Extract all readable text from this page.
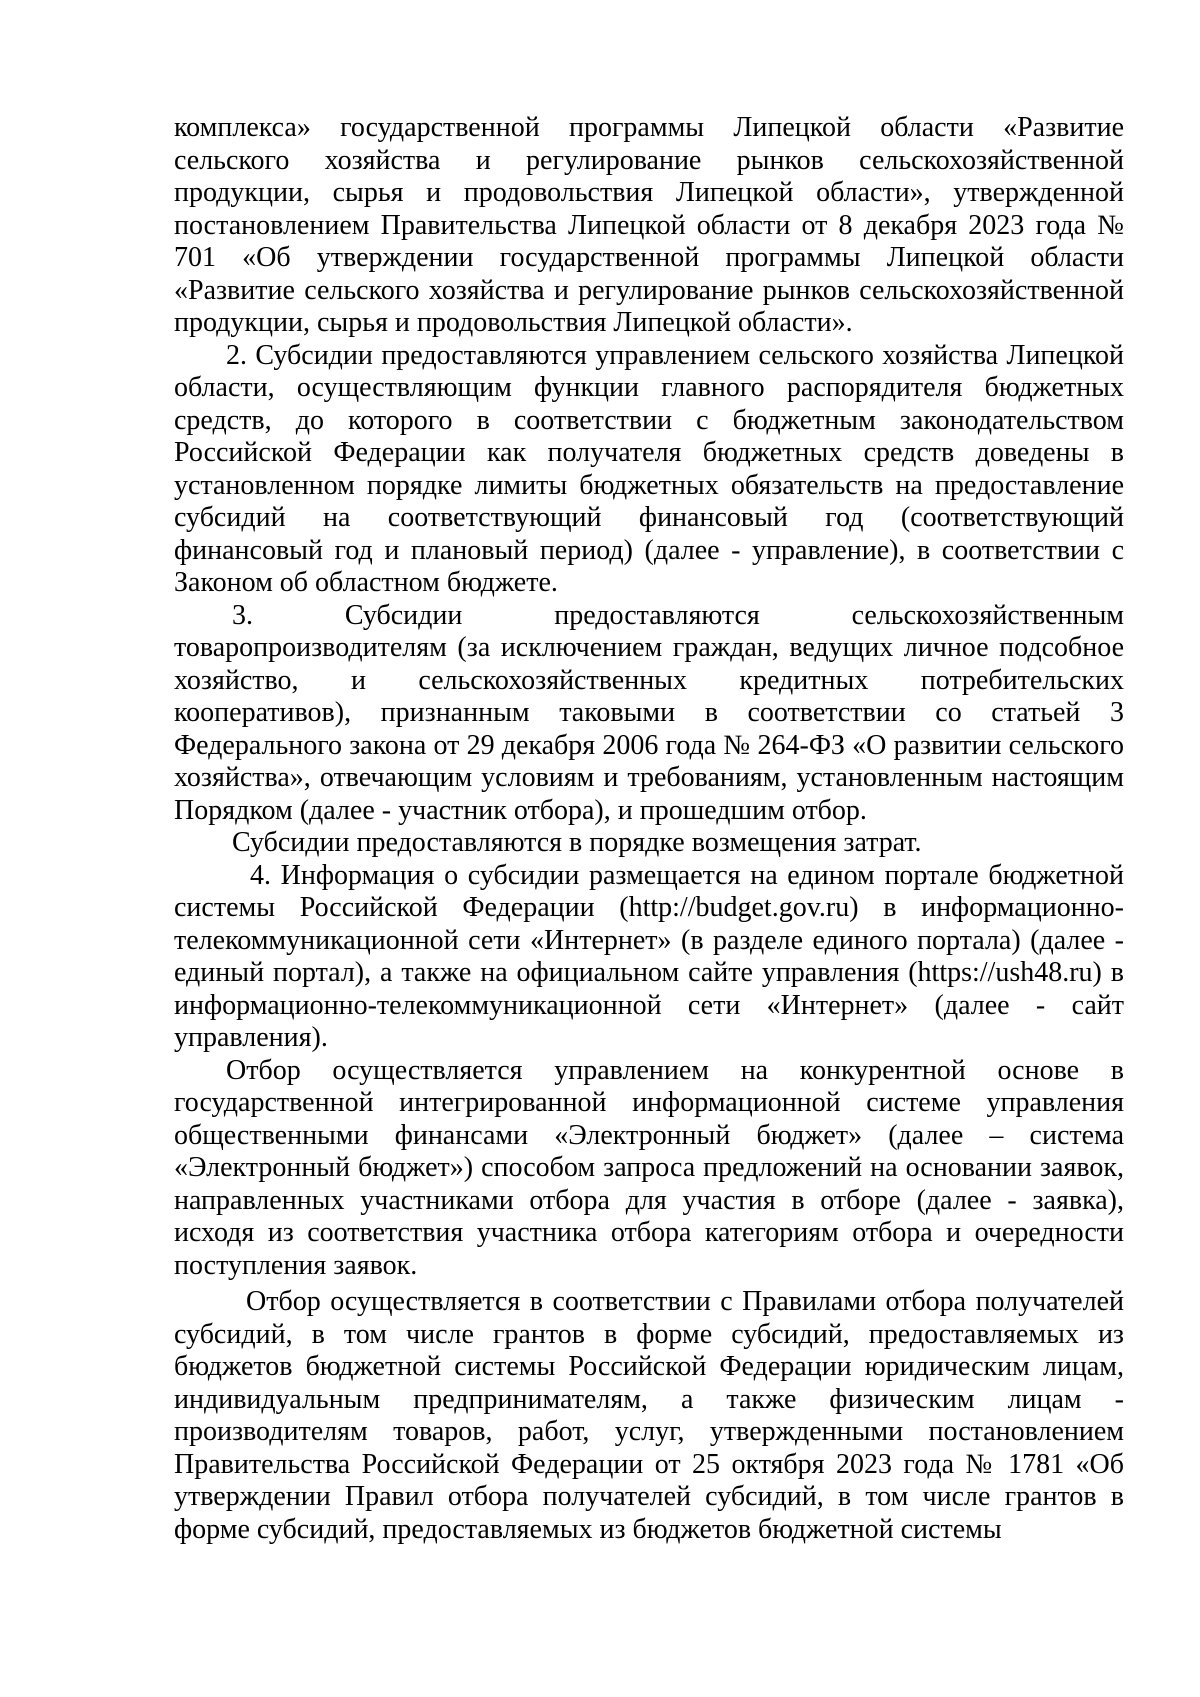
комплекса» государственной программы Липецкой области «Развитие сельского хозяйства и регулирование рынков сельскохозяйственной продукции, сырья и продовольствия Липецкой области», утвержденной постановлением Правительства Липецкой области от 8 декабря 2023 года № 701 «Об утверждении государственной программы Липецкой области «Развитие сельского хозяйства и регулирование рынков сельскохозяйственной продукции, сырья и продовольствия Липецкой области».

2. Субсидии предоставляются управлением сельского хозяйства Липецкой области, осуществляющим функции главного распорядителя бюджетных средств, до которого в соответствии с бюджетным законодательством Российской Федерации как получателя бюджетных средств доведены в установленном порядке лимиты бюджетных обязательств на предоставление субсидий на соответствующий финансовый год (соответствующий финансовый год и плановый период) (далее - управление), в соответствии с Законом об областном бюджете.

3. Субсидии предоставляются сельскохозяйственным товаропроизводителям (за исключением граждан, ведущих личное подсобное хозяйство, и сельскохозяйственных кредитных потребительских кооперативов), признанным таковыми в соответствии со статьей 3 Федерального закона от 29 декабря 2006 года № 264-ФЗ «О развитии сельского хозяйства», отвечающим условиям и требованиям, установленным настоящим Порядком (далее - участник отбора), и прошедшим отбор.

Субсидии предоставляются в порядке возмещения затрат.

4. Информация о субсидии размещается на едином портале бюджетной системы Российской Федерации (http://budget.gov.ru) в информационно-телекоммуникационной сети «Интернет» (в разделе единого портала) (далее - единый портал), а также на официальном сайте управления (https://ush48.ru) в информационно-телекоммуникационной сети «Интернет» (далее - сайт управления).

Отбор осуществляется управлением на конкурентной основе в государственной интегрированной информационной системе управления общественными финансами «Электронный бюджет» (далее – система «Электронный бюджет») способом запроса предложений на основании заявок, направленных участниками отбора для участия в отборе (далее - заявка), исходя из соответствия участника отбора категориям отбора и очередности поступления заявок.

Отбор осуществляется в соответствии с Правилами отбора получателей субсидий, в том числе грантов в форме субсидий, предоставляемых из бюджетов бюджетной системы Российской Федерации юридическим лицам, индивидуальным предпринимателям, а также физическим лицам - производителям товаров, работ, услуг, утвержденными постановлением Правительства Российской Федерации от 25 октября 2023 года № 1781 «Об утверждении Правил отбора получателей субсидий, в том числе грантов в форме субсидий, предоставляемых из бюджетов бюджетной системы
